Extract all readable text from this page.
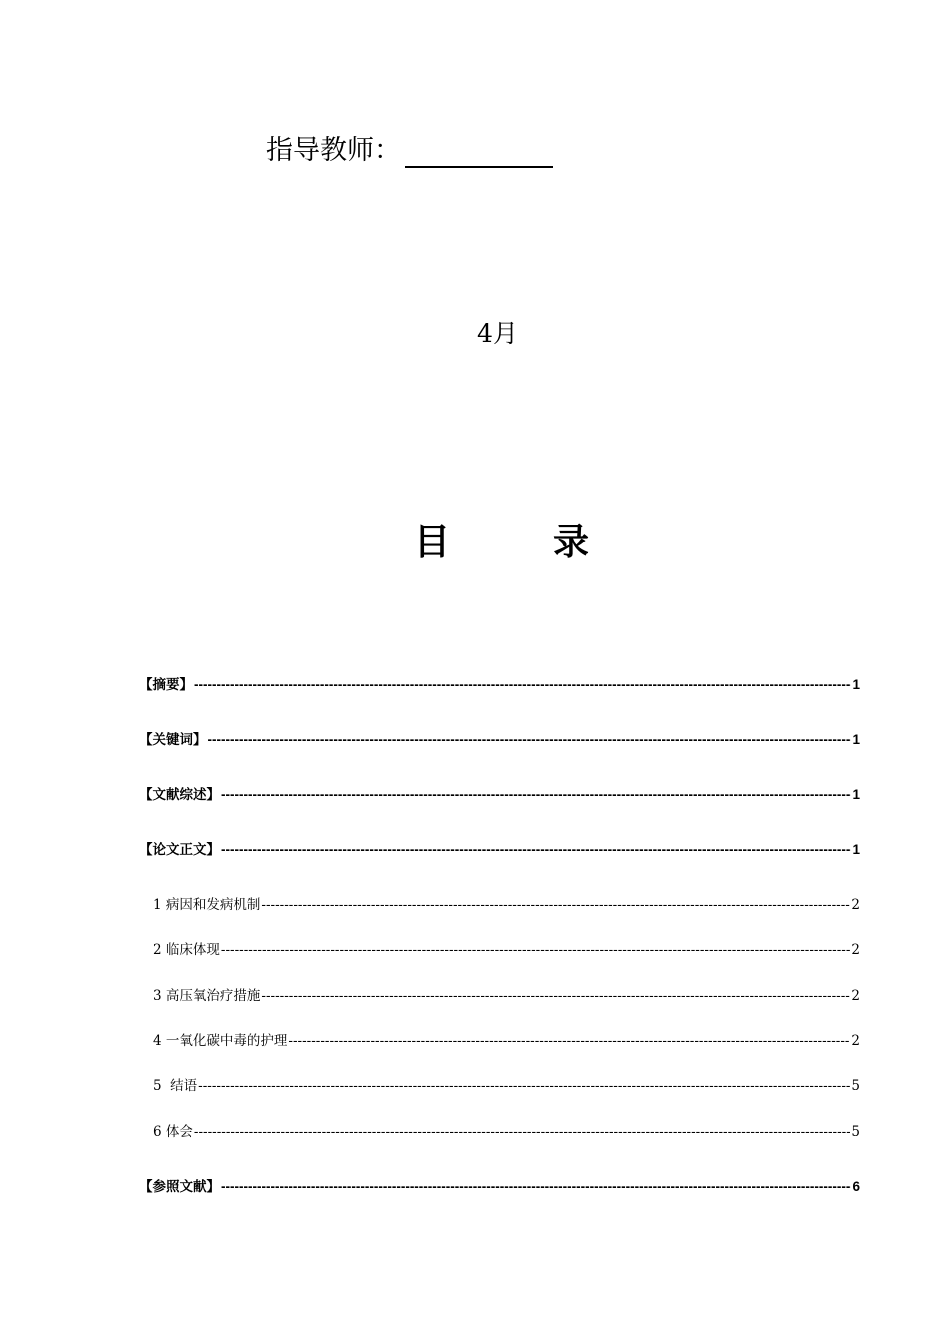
指导教师：
4月
目	录
【摘要】 -----	1
【关键词】 -----	1
【文献综述】 -----	1
【论文正文】 -----	1
1 病因和发病机制 -----	2
2 临床体现 -----	2
3 高压氧治疗措施 -----	2
4 一氧化碳中毒的护理 -----	2
5  结语 -----	5
6 体会 -----	5
【参照文献】 -----	6
